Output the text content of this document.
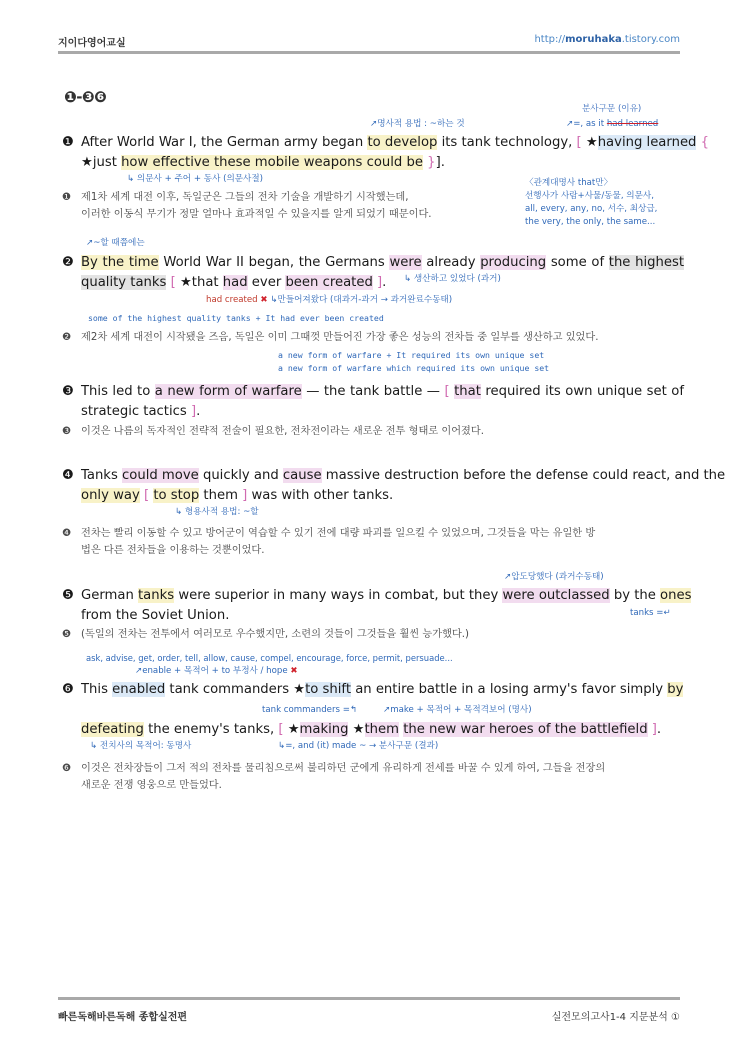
지이다영어교실	http://moruhaka.tistory.com
❶-❸❻
분사구문 (이유)
↗명사적 용법 : ~하는 것	↗=, as it had learned
❶ After World War I, the German army began to develop its tank technology, [ ★having learned {
★just how effective these mobile weapons could be }].
↳ 의문사 + 주어 + 동사 (의문사절)	〈관계대명사 that만〉
선행사가 사람+사물/동물, 의문사,
all, every, any, no, 서수, 최상급,
the very, the only, the same...
❶ 제1차 세계 대전 이후, 독일군은 그들의 전차 기술을 개발하기 시작했는데,
이러한 이동식 무기가 정말 얼마나 효과적일 수 있을지를 알게 되었기 때문이다.
↗~할 때쯤에는
❷ By the time World War II began, the Germans were already producing some of the highest
quality tanks [ ★that had ever been created ].	↳ 생산하고 있었다 (과거)
had created ✖ ↳만들어져왔다 (대과거-과거 → 과거완료수동태)
some of the highest quality tanks + It had ever been created
❷ 제2차 세계 대전이 시작됐을 즈음, 독일은 이미 그때껏 만들어진 가장 좋은 성능의 전차들 중 일부를 생산하고 있었다.
a new form of warfare + It required its own unique set
a new form of warfare which required its own unique set
❸ This led to a new form of warfare — the tank battle — [ that required its own unique set of
strategic tactics ].
❸ 이것은 나름의 독자적인 전략적 전술이 필요한, 전차전이라는 새로운 전투 형태로 이어졌다.
❹ Tanks could move quickly and cause massive destruction before the defense could react, and the
only way [ to stop them ] was with other tanks.
↳ 형용사적 용법: ~할
❹ 전차는 빨리 이동할 수 있고 방어군이 역습할 수 있기 전에 대량 파괴를 일으킬 수 있었으며, 그것들을 막는 유일한 방
법은 다른 전차들을 이용하는 것뿐이었다.
↗압도당했다 (과거수동태)
❺ German tanks were superior in many ways in combat, but they were outclassed by the ones
from the Soviet Union.	tanks =↵
❺ (독일의 전차는 전투에서 여러모로 우수했지만, 소련의 것들이 그것들을 훨씬 능가했다.)
ask, advise, get, order, tell, allow, cause, compel, encourage, force, permit, persuade...
↗enable + 목적어 + to 부정사 / hope ✖
❻ This enabled tank commanders ★to shift an entire battle in a losing army's favor simply by
tank commanders =↰	↗make + 목적어 + 목적격보어 (명사)
defeating the enemy's tanks, [ ★making ★them the new war heroes of the battlefield ].
↳ 전치사의 목적어: 동명사	↳=, and (it) made ~ → 분사구문 (결과)
❻ 이것은 전차장들이 그저 적의 전차를 물리침으로써 불리하던 군에게 유리하게 전세를 바꿀 수 있게 하여, 그들을 전장의
새로운 전쟁 영웅으로 만들었다.
빠른독해바른독해 종합실전편	실전모의고사1-4 지문분석 ①
